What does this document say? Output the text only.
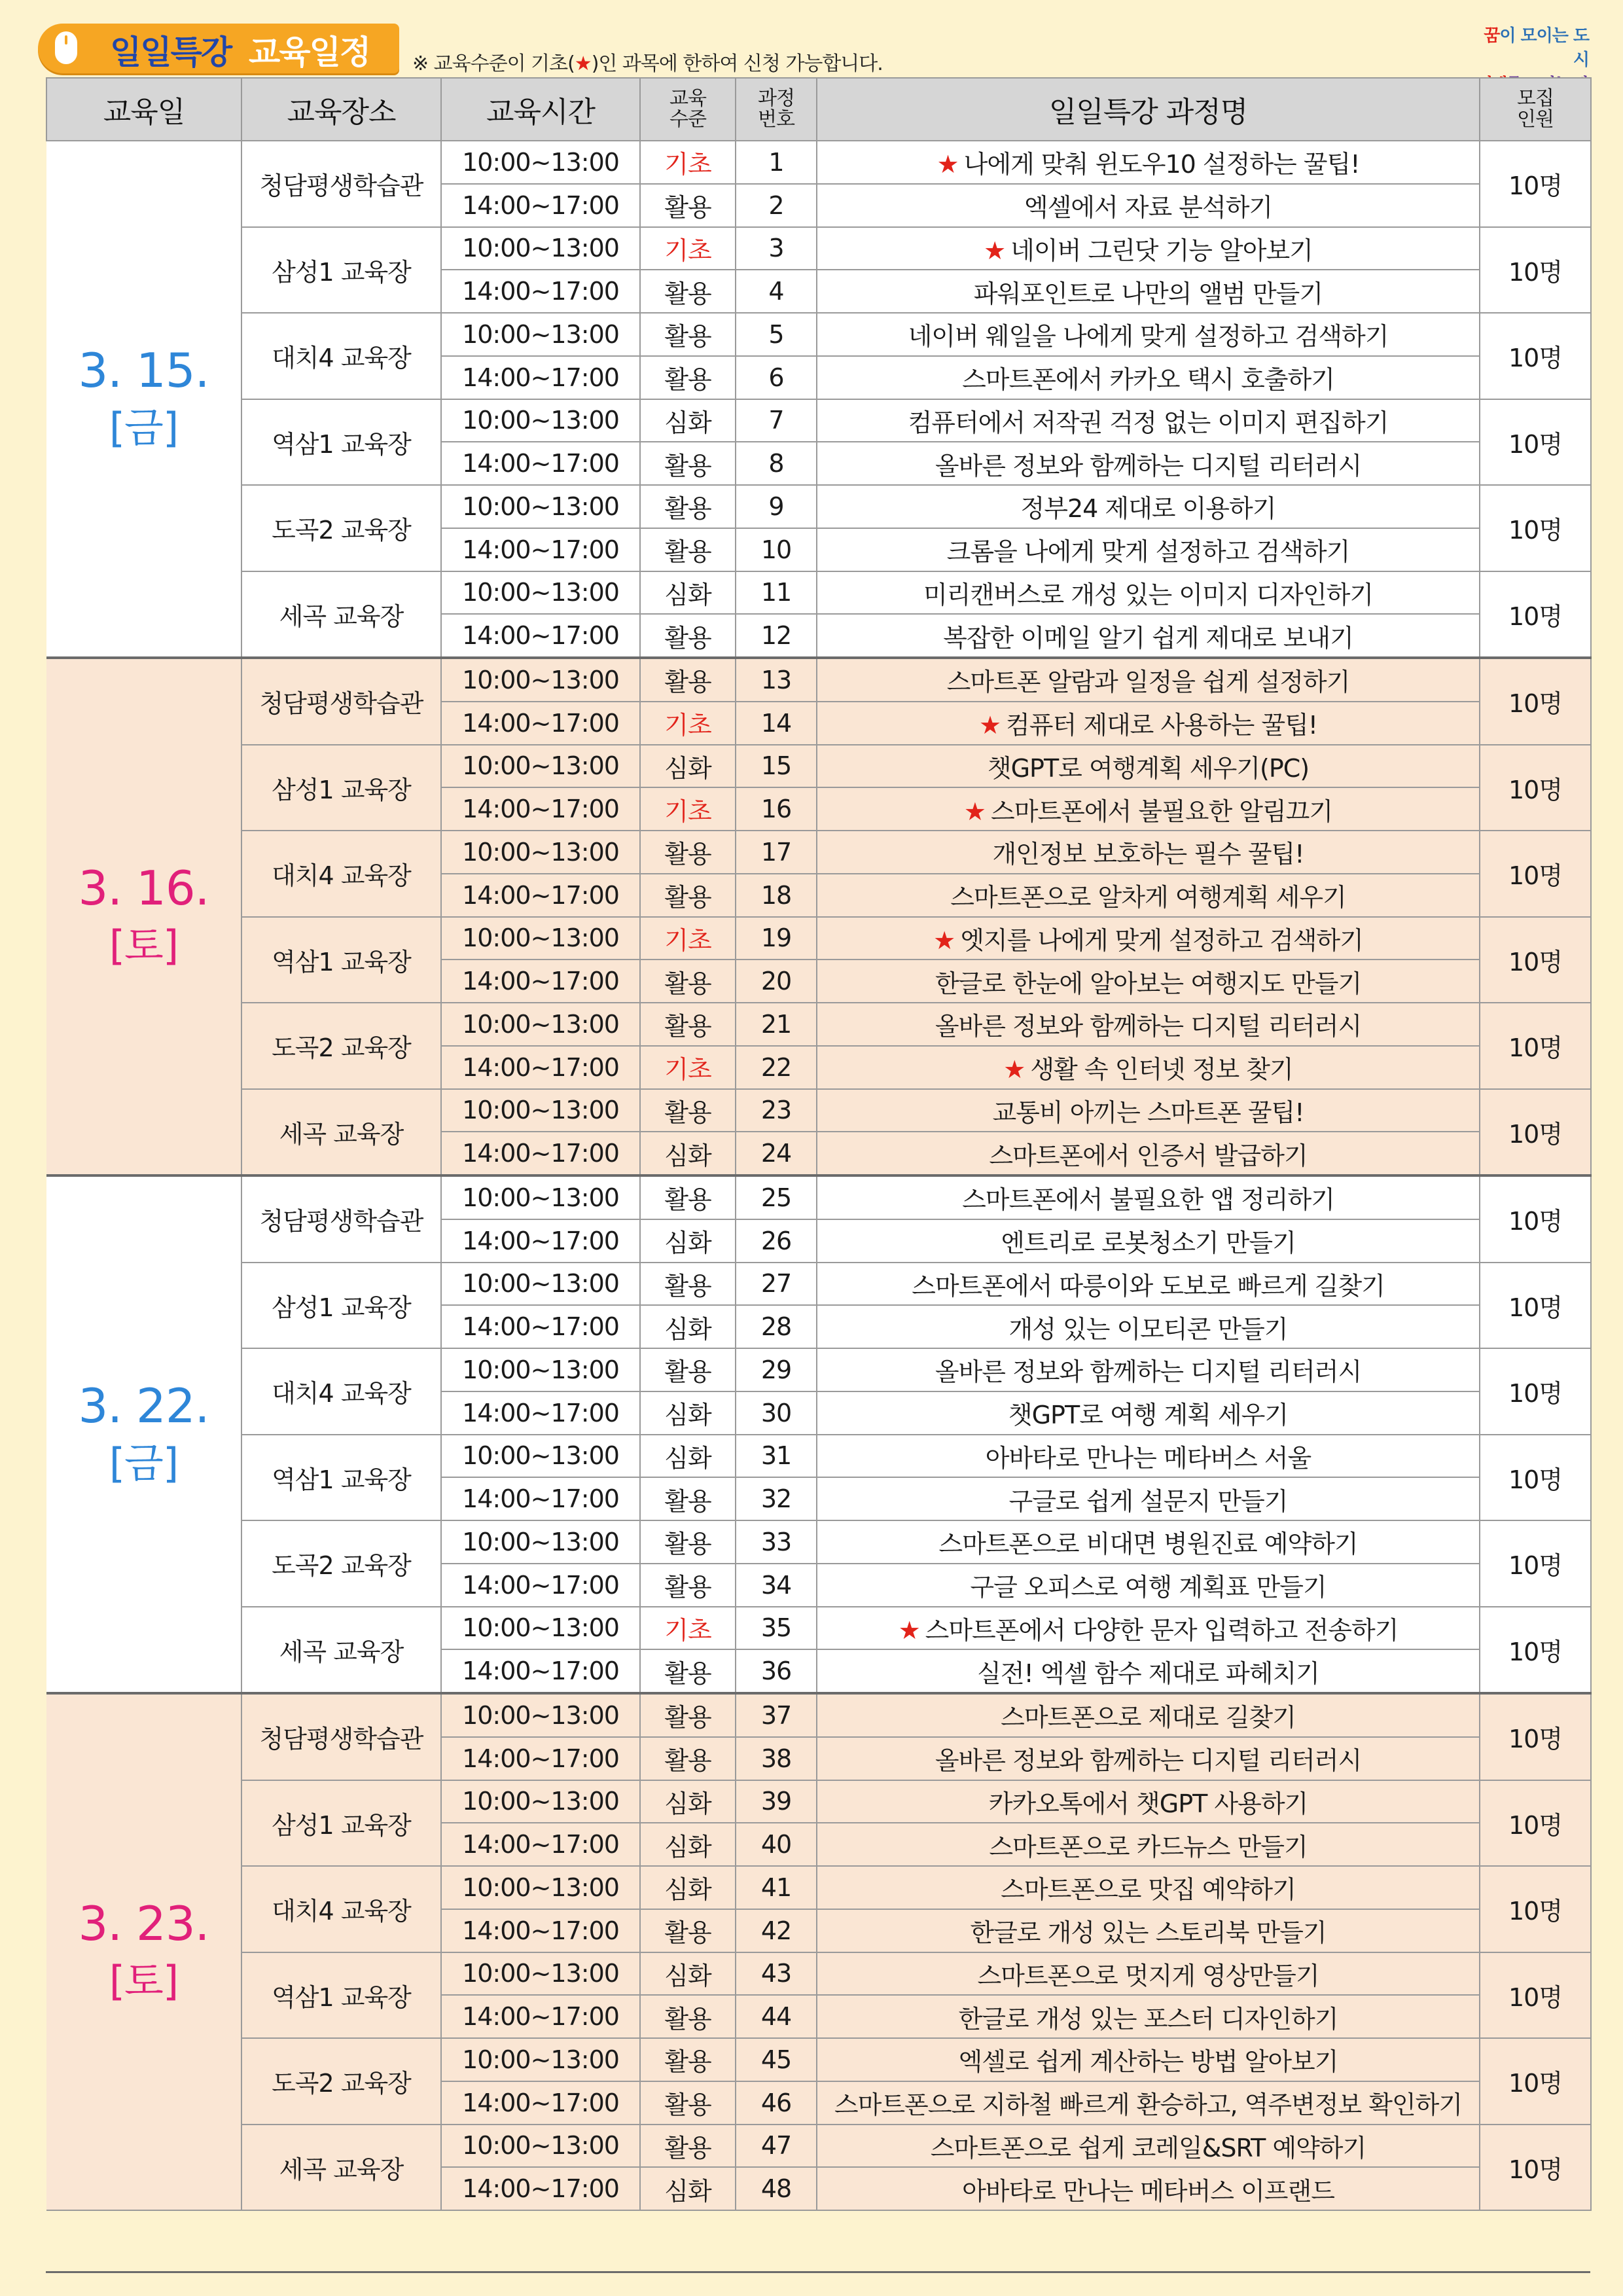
일일특강 교육일정 ※ 교육수준이 기초(★)인 과목에 한하여 신청 가능합니다.
꿈이 모이는 도시
교육일	교육장소	교육시간	교육
수준	과정
번호	일일특강 과정명	모집
인원
3. 15.
[금]	청담평생학습관	10:00~13:00	기초	1	★ 나에게 맞춰 윈도우10 설정하는 꿀팁!	10명
		14:00~17:00	활용	2	엑셀에서 자료 분석하기	
	삼성1 교육장	10:00~13:00	기초	3	★ 네이버 그린닷 기능 알아보기	10명
		14:00~17:00	활용	4	파워포인트로 나만의 앨범 만들기	
	대치4 교육장	10:00~13:00	활용	5	네이버 웨일을 나에게 맞게 설정하고 검색하기	10명
		14:00~17:00	활용	6	스마트폰에서 카카오 택시 호출하기	
	역삼1 교육장	10:00~13:00	심화	7	컴퓨터에서 저작권 걱정 없는 이미지 편집하기	10명
		14:00~17:00	활용	8	올바른 정보와 함께하는 디지털 리터러시	
	도곡2 교육장	10:00~13:00	활용	9	정부24 제대로 이용하기	10명
		14:00~17:00	활용	10	크롬을 나에게 맞게 설정하고 검색하기	
	세곡 교육장	10:00~13:00	심화	11	미리캔버스로 개성 있는 이미지 디자인하기	10명
		14:00~17:00	활용	12	복잡한 이메일 알기 쉽게 제대로 보내기	
3. 16.
[토]	청담평생학습관	10:00~13:00	활용	13	스마트폰 알람과 일정을 쉽게 설정하기	10명
		14:00~17:00	기초	14	★ 컴퓨터 제대로 사용하는 꿀팁!	
	삼성1 교육장	10:00~13:00	심화	15	챗GPT로 여행계획 세우기(PC)	10명
		14:00~17:00	기초	16	★ 스마트폰에서 불필요한 알림끄기	
	대치4 교육장	10:00~13:00	활용	17	개인정보 보호하는 필수 꿀팁!	10명
		14:00~17:00	활용	18	스마트폰으로 알차게 여행계획 세우기	
	역삼1 교육장	10:00~13:00	기초	19	★ 엣지를 나에게 맞게 설정하고 검색하기	10명
		14:00~17:00	활용	20	한글로 한눈에 알아보는 여행지도 만들기	
	도곡2 교육장	10:00~13:00	활용	21	올바른 정보와 함께하는 디지털 리터러시	10명
		14:00~17:00	기초	22	★ 생활 속 인터넷 정보 찾기	
	세곡 교육장	10:00~13:00	활용	23	교통비 아끼는 스마트폰 꿀팁!	10명
		14:00~17:00	심화	24	스마트폰에서 인증서 발급하기	
3. 22.
[금]	청담평생학습관	10:00~13:00	활용	25	스마트폰에서 불필요한 앱 정리하기	10명
		14:00~17:00	심화	26	엔트리로 로봇청소기 만들기	
	삼성1 교육장	10:00~13:00	활용	27	스마트폰에서 따릉이와 도보로 빠르게 길찾기	10명
		14:00~17:00	심화	28	개성 있는 이모티콘 만들기	
	대치4 교육장	10:00~13:00	활용	29	올바른 정보와 함께하는 디지털 리터러시	10명
		14:00~17:00	심화	30	챗GPT로 여행 계획 세우기	
	역삼1 교육장	10:00~13:00	심화	31	아바타로 만나는 메타버스 서울	10명
		14:00~17:00	활용	32	구글로 쉽게 설문지 만들기	
	도곡2 교육장	10:00~13:00	활용	33	스마트폰으로 비대면 병원진료 예약하기	10명
		14:00~17:00	활용	34	구글 오피스로 여행 계획표 만들기	
	세곡 교육장	10:00~13:00	기초	35	★ 스마트폰에서 다양한 문자 입력하고 전송하기	10명
		14:00~17:00	활용	36	실전! 엑셀 함수 제대로 파헤치기	
3. 23.
[토]	청담평생학습관	10:00~13:00	활용	37	스마트폰으로 제대로 길찾기	10명
		14:00~17:00	활용	38	올바른 정보와 함께하는 디지털 리터러시	
	삼성1 교육장	10:00~13:00	심화	39	카카오톡에서 챗GPT 사용하기	10명
		14:00~17:00	심화	40	스마트폰으로 카드뉴스 만들기	
	대치4 교육장	10:00~13:00	심화	41	스마트폰으로 맛집 예약하기	10명
		14:00~17:00	활용	42	한글로 개성 있는 스토리북 만들기	
	역삼1 교육장	10:00~13:00	심화	43	스마트폰으로 멋지게 영상만들기	10명
		14:00~17:00	활용	44	한글로 개성 있는 포스터 디자인하기	
	도곡2 교육장	10:00~13:00	활용	45	엑셀로 쉽게 계산하는 방법 알아보기	10명
		14:00~17:00	활용	46	스마트폰으로 지하철 빠르게 환승하고, 역주변정보 확인하기	
	세곡 교육장	10:00~13:00	활용	47	스마트폰으로 쉽게 코레일&SRT 예약하기	10명
		14:00~17:00	심화	48	아바타로 만나는 메타버스 이프랜드	
